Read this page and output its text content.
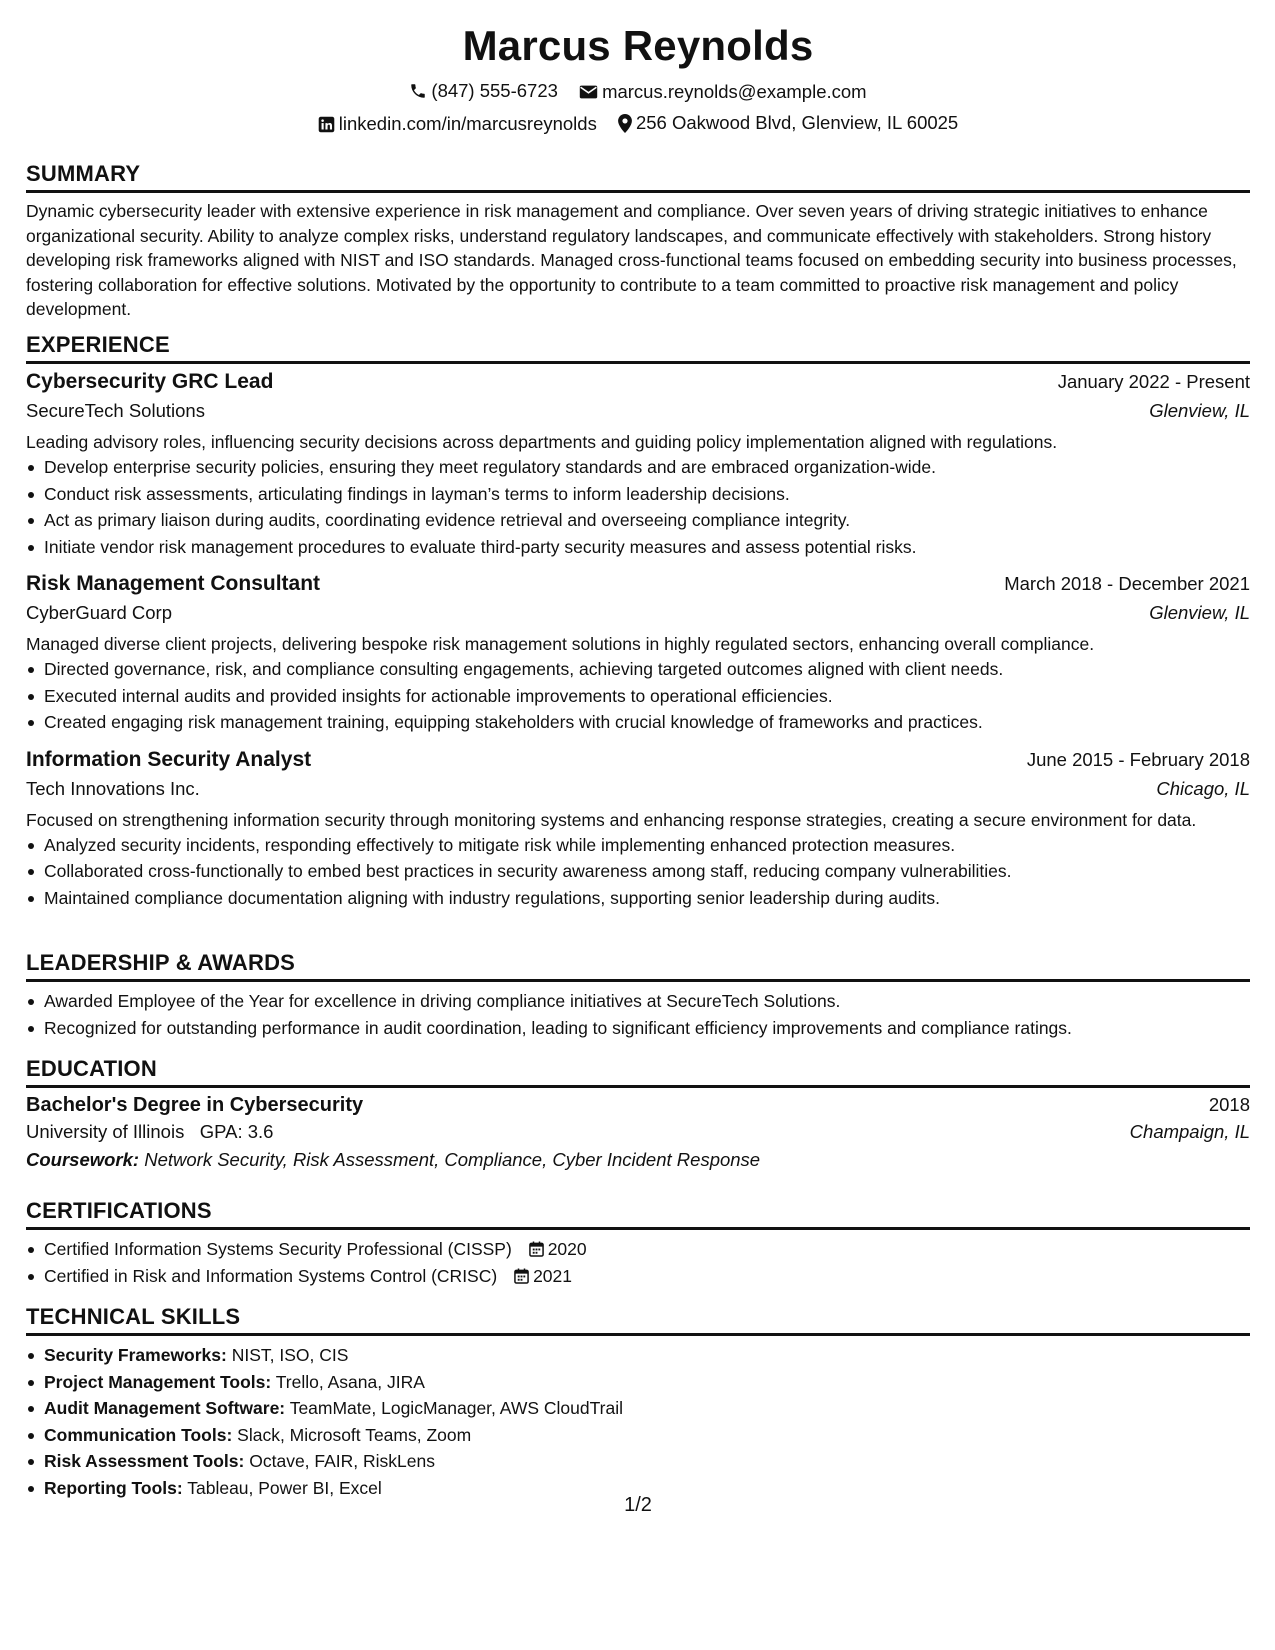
Marcus Reynolds
(847) 555-6723
marcus.reynolds@example.com
linkedin.com/in/marcusreynolds
256 Oakwood Blvd, Glenview, IL 60025
SUMMARY
Dynamic cybersecurity leader with extensive experience in risk management and compliance. Over seven years of driving strategic initiatives to enhance organizational security. Ability to analyze complex risks, understand regulatory landscapes, and communicate effectively with stakeholders. Strong history developing risk frameworks aligned with NIST and ISO standards. Managed cross-functional teams focused on embedding security into business processes, fostering collaboration for effective solutions. Motivated by the opportunity to contribute to a team committed to proactive risk management and policy development.
EXPERIENCE
Cybersecurity GRC Lead	January 2022 - Present
SecureTech Solutions	Glenview, IL
Leading advisory roles, influencing security decisions across departments and guiding policy implementation aligned with regulations.
Develop enterprise security policies, ensuring they meet regulatory standards and are embraced organization-wide.
Conduct risk assessments, articulating findings in layman’s terms to inform leadership decisions.
Act as primary liaison during audits, coordinating evidence retrieval and overseeing compliance integrity.
Initiate vendor risk management procedures to evaluate third-party security measures and assess potential risks.
Risk Management Consultant	March 2018 - December 2021
CyberGuard Corp	Glenview, IL
Managed diverse client projects, delivering bespoke risk management solutions in highly regulated sectors, enhancing overall compliance.
Directed governance, risk, and compliance consulting engagements, achieving targeted outcomes aligned with client needs.
Executed internal audits and provided insights for actionable improvements to operational efficiencies.
Created engaging risk management training, equipping stakeholders with crucial knowledge of frameworks and practices.
Information Security Analyst	June 2015 - February 2018
Tech Innovations Inc.	Chicago, IL
Focused on strengthening information security through monitoring systems and enhancing response strategies, creating a secure environment for data.
Analyzed security incidents, responding effectively to mitigate risk while implementing enhanced protection measures.
Collaborated cross-functionally to embed best practices in security awareness among staff, reducing company vulnerabilities.
Maintained compliance documentation aligning with industry regulations, supporting senior leadership during audits.
LEADERSHIP & AWARDS
Awarded Employee of the Year for excellence in driving compliance initiatives at SecureTech Solutions.
Recognized for outstanding performance in audit coordination, leading to significant efficiency improvements and compliance ratings.
EDUCATION
Bachelor's Degree in Cybersecurity	2018
University of Illinois GPA: 3.6	Champaign, IL
Coursework: Network Security, Risk Assessment, Compliance, Cyber Incident Response
CERTIFICATIONS
Certified Information Systems Security Professional (CISSP) 2020
Certified in Risk and Information Systems Control (CRISC) 2021
TECHNICAL SKILLS
Security Frameworks: NIST, ISO, CIS
Project Management Tools: Trello, Asana, JIRA
Audit Management Software: TeamMate, LogicManager, AWS CloudTrail
Communication Tools: Slack, Microsoft Teams, Zoom
Risk Assessment Tools: Octave, FAIR, RiskLens
Reporting Tools: Tableau, Power BI, Excel
1/2
